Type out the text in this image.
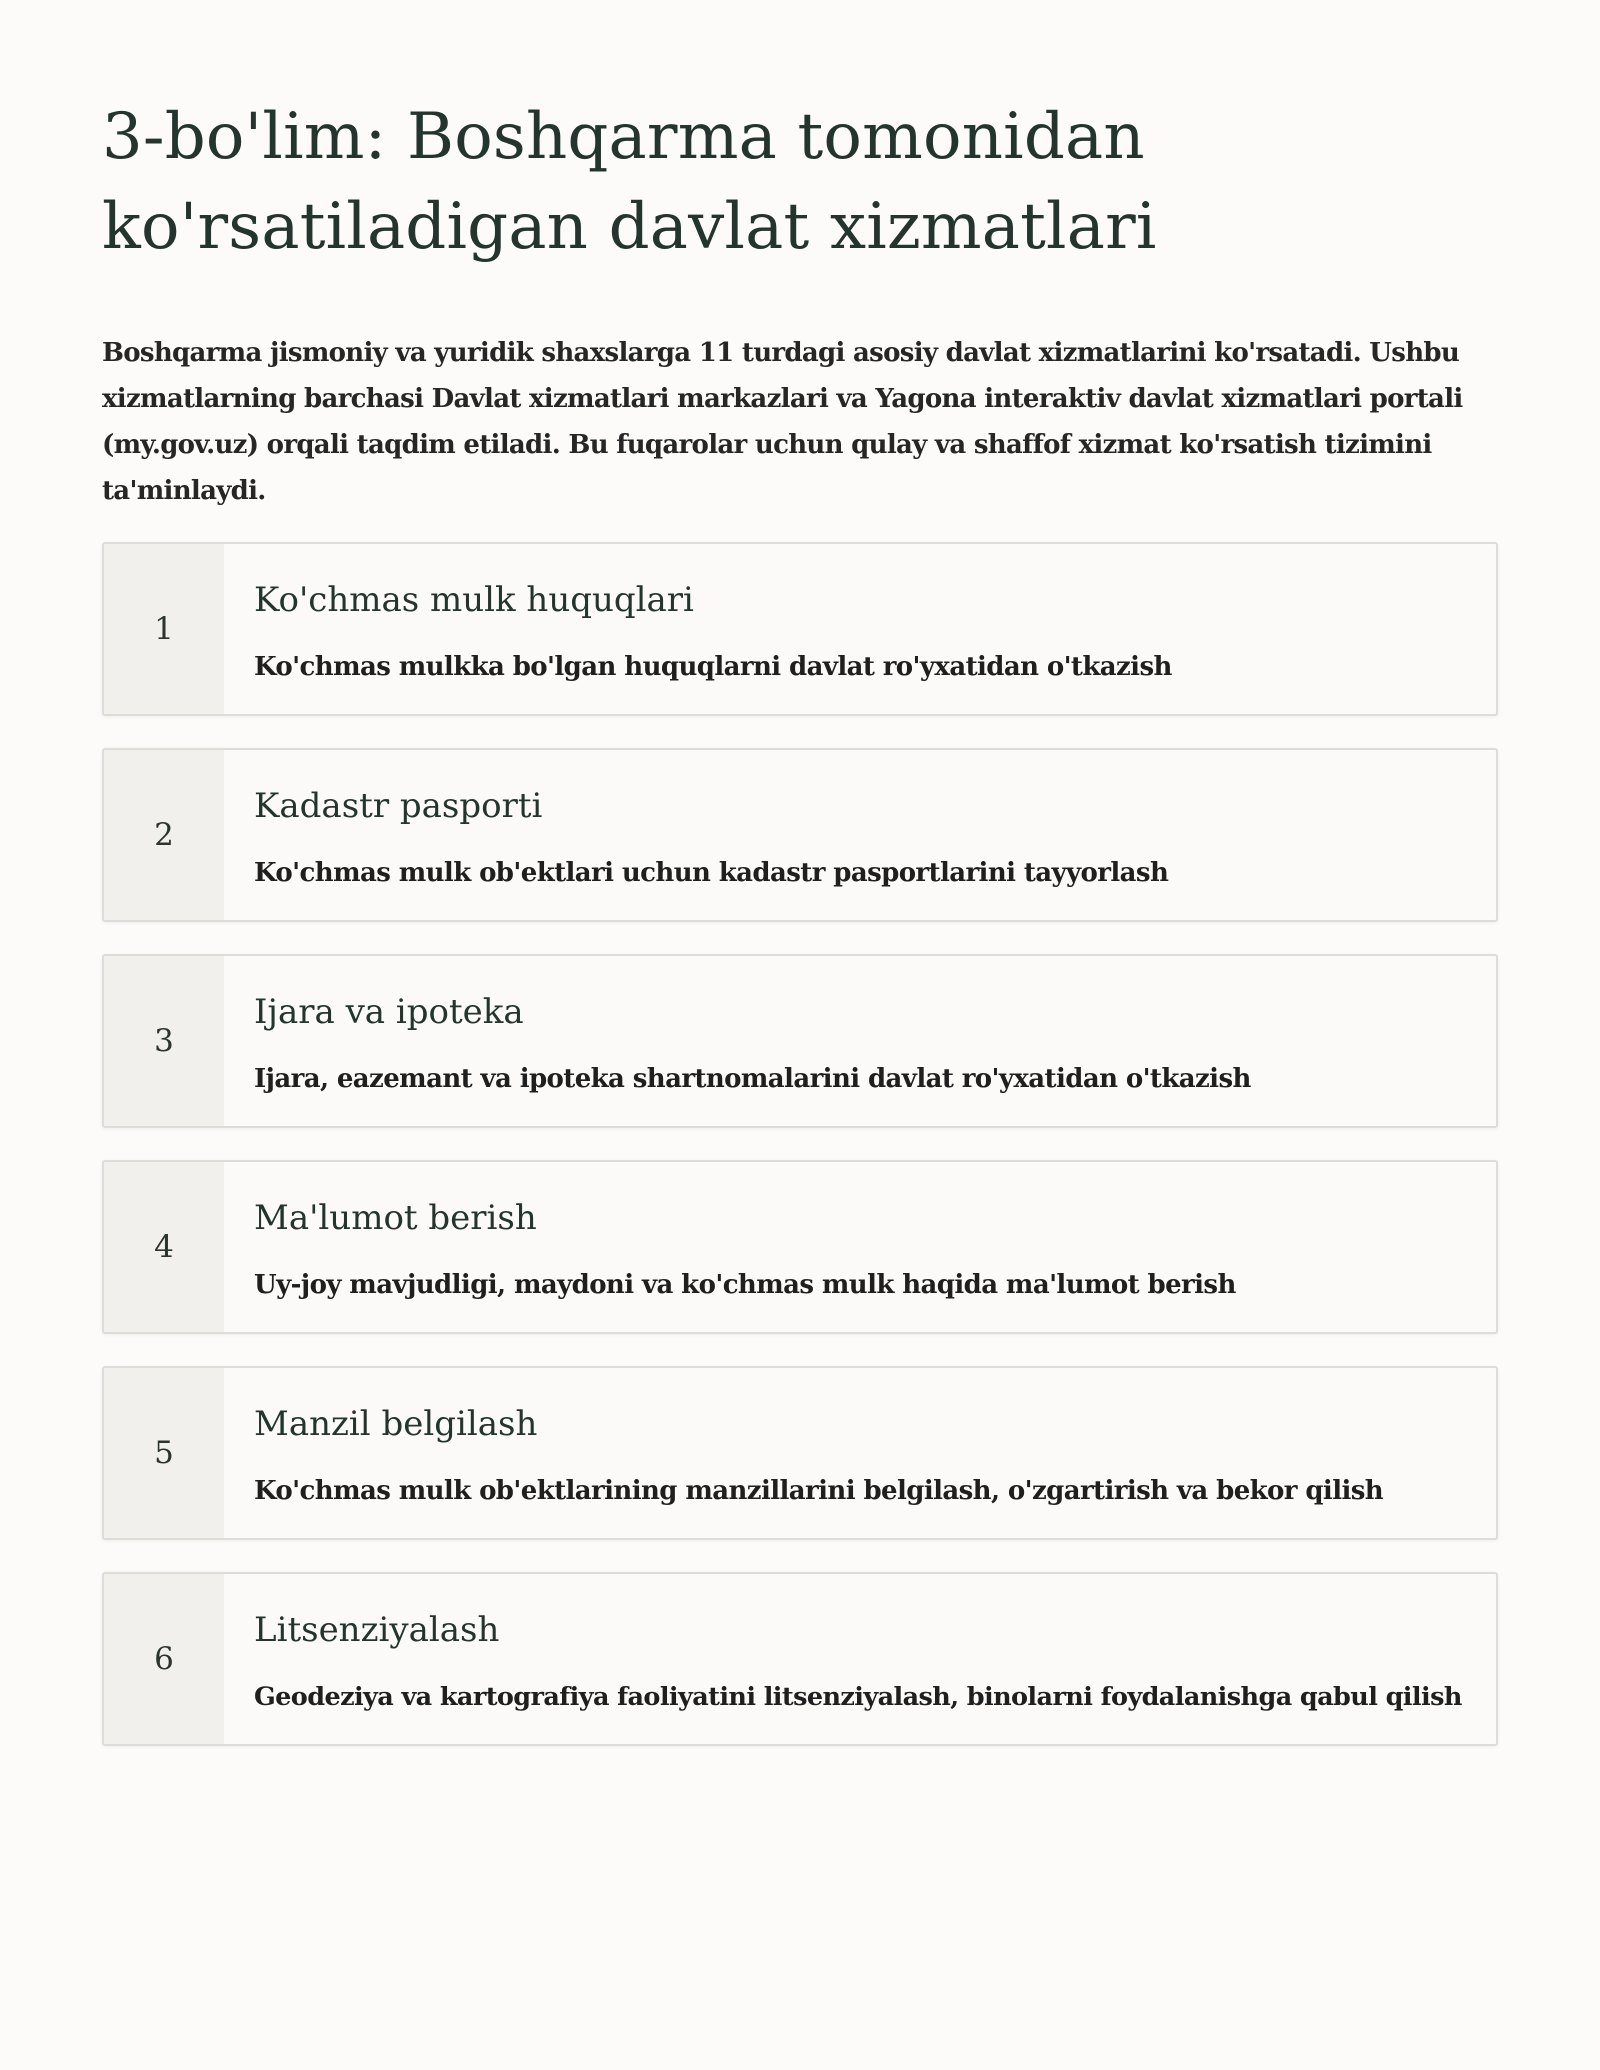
3-bo'lim: Boshqarma tomonidan ko'rsatiladigan davlat xizmatlari

Boshqarma jismoniy va yuridik shaxslarga 11 turdagi asosiy davlat xizmatlarini ko'rsatadi. Ushbu xizmatlarning barchasi Davlat xizmatlari markazlari va Yagona interaktiv davlat xizmatlari portali (my.gov.uz) orqali taqdim etiladi. Bu fuqarolar uchun qulay va shaffof xizmat ko'rsatish tizimini ta'minlaydi.

1
Ko'chmas mulk huquqlari
Ko'chmas mulkka bo'lgan huquqlarni davlat ro'yxatidan o'tkazish
2
Kadastr pasporti
Ko'chmas mulk ob'ektlari uchun kadastr pasportlarini tayyorlash
3
Ijara va ipoteka
Ijara, eazemant va ipoteka shartnomalarini davlat ro'yxatidan o'tkazish
4
Ma'lumot berish
Uy-joy mavjudligi, maydoni va ko'chmas mulk haqida ma'lumot berish
5
Manzil belgilash
Ko'chmas mulk ob'ektlarining manzillarini belgilash, o'zgartirish va bekor qilish
6
Litsenziyalash
Geodeziya va kartografiya faoliyatini litsenziyalash, binolarni foydalanishga qabul qilish
